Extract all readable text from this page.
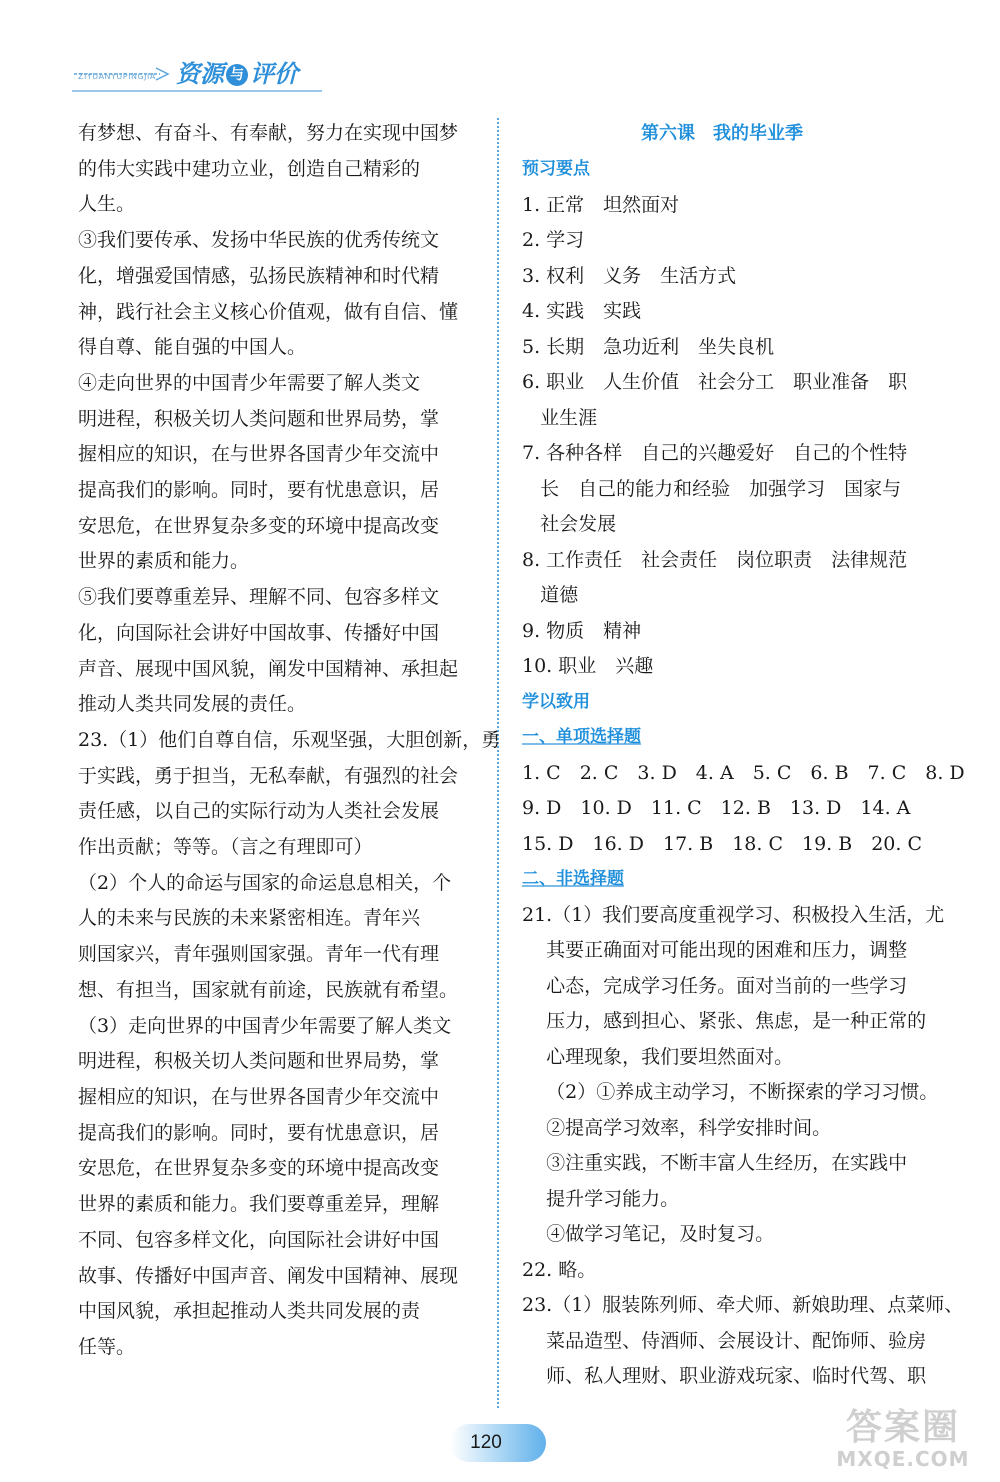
ZIYUANYUPINGJIA 资源 与 评价
有梦想、有奋斗、有奉献，努力在实现中国梦
的伟大实践中建功立业，创造自己精彩的
人生。
③我们要传承、发扬中华民族的优秀传统文
化，增强爱国情感，弘扬民族精神和时代精
神，践行社会主义核心价值观，做有自信、懂
得自尊、能自强的中国人。
④走向世界的中国青少年需要了解人类文
明进程，积极关切人类问题和世界局势，掌
握相应的知识，在与世界各国青少年交流中
提高我们的影响。同时，要有忧患意识，居
安思危，在世界复杂多变的环境中提高改变
世界的素质和能力。
⑤我们要尊重差异、理解不同、包容多样文
化，向国际社会讲好中国故事、传播好中国
声音、展现中国风貌，阐发中国精神、承担起
推动人类共同发展的责任。
23.（1）他们自尊自信，乐观坚强，大胆创新，勇
于实践，勇于担当，无私奉献，有强烈的社会
责任感，以自己的实际行动为人类社会发展
作出贡献；等等。（言之有理即可）
（2）个人的命运与国家的命运息息相关，个
人的未来与民族的未来紧密相连。青年兴
则国家兴，青年强则国家强。青年一代有理
想、有担当，国家就有前途，民族就有希望。
（3）走向世界的中国青少年需要了解人类文
明进程，积极关切人类问题和世界局势，掌
握相应的知识，在与世界各国青少年交流中
提高我们的影响。同时，要有忧患意识，居
安思危，在世界复杂多变的环境中提高改变
世界的素质和能力。我们要尊重差异，理解
不同、包容多样文化，向国际社会讲好中国
故事、传播好中国声音、阐发中国精神、展现
中国风貌，承担起推动人类共同发展的责
任等。
第六课　我的毕业季
预习要点
1. 正常　坦然面对
2. 学习
3. 权利　义务　生活方式
4. 实践　实践
5. 长期　急功近利　坐失良机
6. 职业　人生价值　社会分工　职业准备　职
业生涯
7. 各种各样　自己的兴趣爱好　自己的个性特
长　自己的能力和经验　加强学习　国家与
社会发展
8. 工作责任　社会责任　岗位职责　法律规范
道德
9. 物质　精神
10. 职业　兴趣
学以致用
一、单项选择题
1. C　2. C　3. D　4. A　5. C　6. B　7. C　8. D
9. D　10. D　11. C　12. B　13. D　14. A
15. D　16. D　17. B　18. C　19. B　20. C
二、非选择题
21.（1）我们要高度重视学习、积极投入生活，尤
其要正确面对可能出现的困难和压力，调整
心态，完成学习任务。面对当前的一些学习
压力，感到担心、紧张、焦虑，是一种正常的
心理现象，我们要坦然面对。
（2）①养成主动学习，不断探索的学习习惯。
②提高学习效率，科学安排时间。
③注重实践，不断丰富人生经历，在实践中
提升学习能力。
④做学习笔记，及时复习。
22. 略。
23.（1）服装陈列师、牵犬师、新娘助理、点菜师、
菜品造型、侍酒师、会展设计、配饰师、验房
师、私人理财、职业游戏玩家、临时代驾、职
120	答案圈
MXQE.COM
